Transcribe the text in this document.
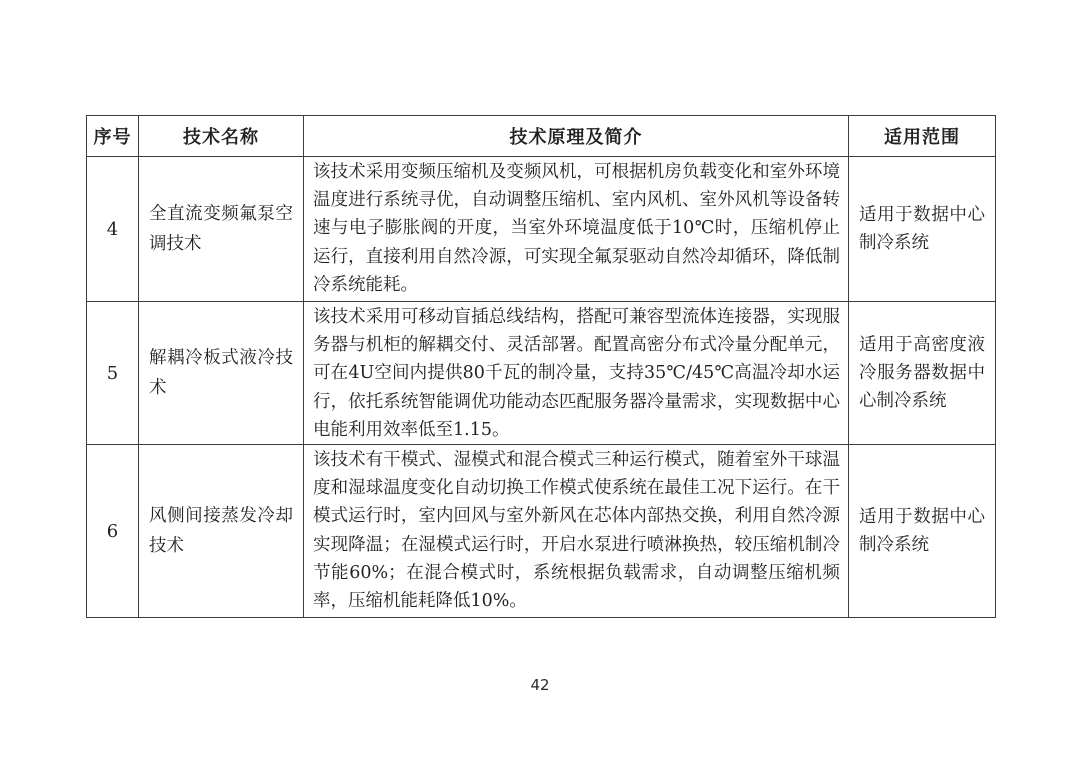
序号	技术名称	技术原理及简介	适用范围
4	全直流变频氟泵空调技术	该技术采用变频压缩机及变频风机，可根据机房负载变化和室外环境温度进行系统寻优，自动调整压缩机、室内风机、室外风机等设备转速与电子膨胀阀的开度，当室外环境温度低于10℃时，压缩机停止运行，直接利用自然冷源，可实现全氟泵驱动自然冷却循环，降低制冷系统能耗。	适用于数据中心制冷系统

5	解耦冷板式液冷技术	该技术采用可移动盲插总线结构，搭配可兼容型流体连接器，实现服务器与机柜的解耦交付、灵活部署。配置高密分布式冷量分配单元，可在4U空间内提供80千瓦的制冷量，支持35℃/45℃高温冷却水运行，依托系统智能调优功能动态匹配服务器冷量需求，实现数据中心电能利用效率低至1.15。	适用于高密度液冷服务器数据中心制冷系统

6	风侧间接蒸发冷却技术	该技术有干模式、湿模式和混合模式三种运行模式，随着室外干球温度和湿球温度变化自动切换工作模式使系统在最佳工况下运行。在干模式运行时，室内回风与室外新风在芯体内部热交换，利用自然冷源实现降温；在湿模式运行时，开启水泵进行喷淋换热，较压缩机制冷节能60%；在混合模式时，系统根据负载需求，自动调整压缩机频率，压缩机能耗降低10%。	适用于数据中心制冷系统
42
